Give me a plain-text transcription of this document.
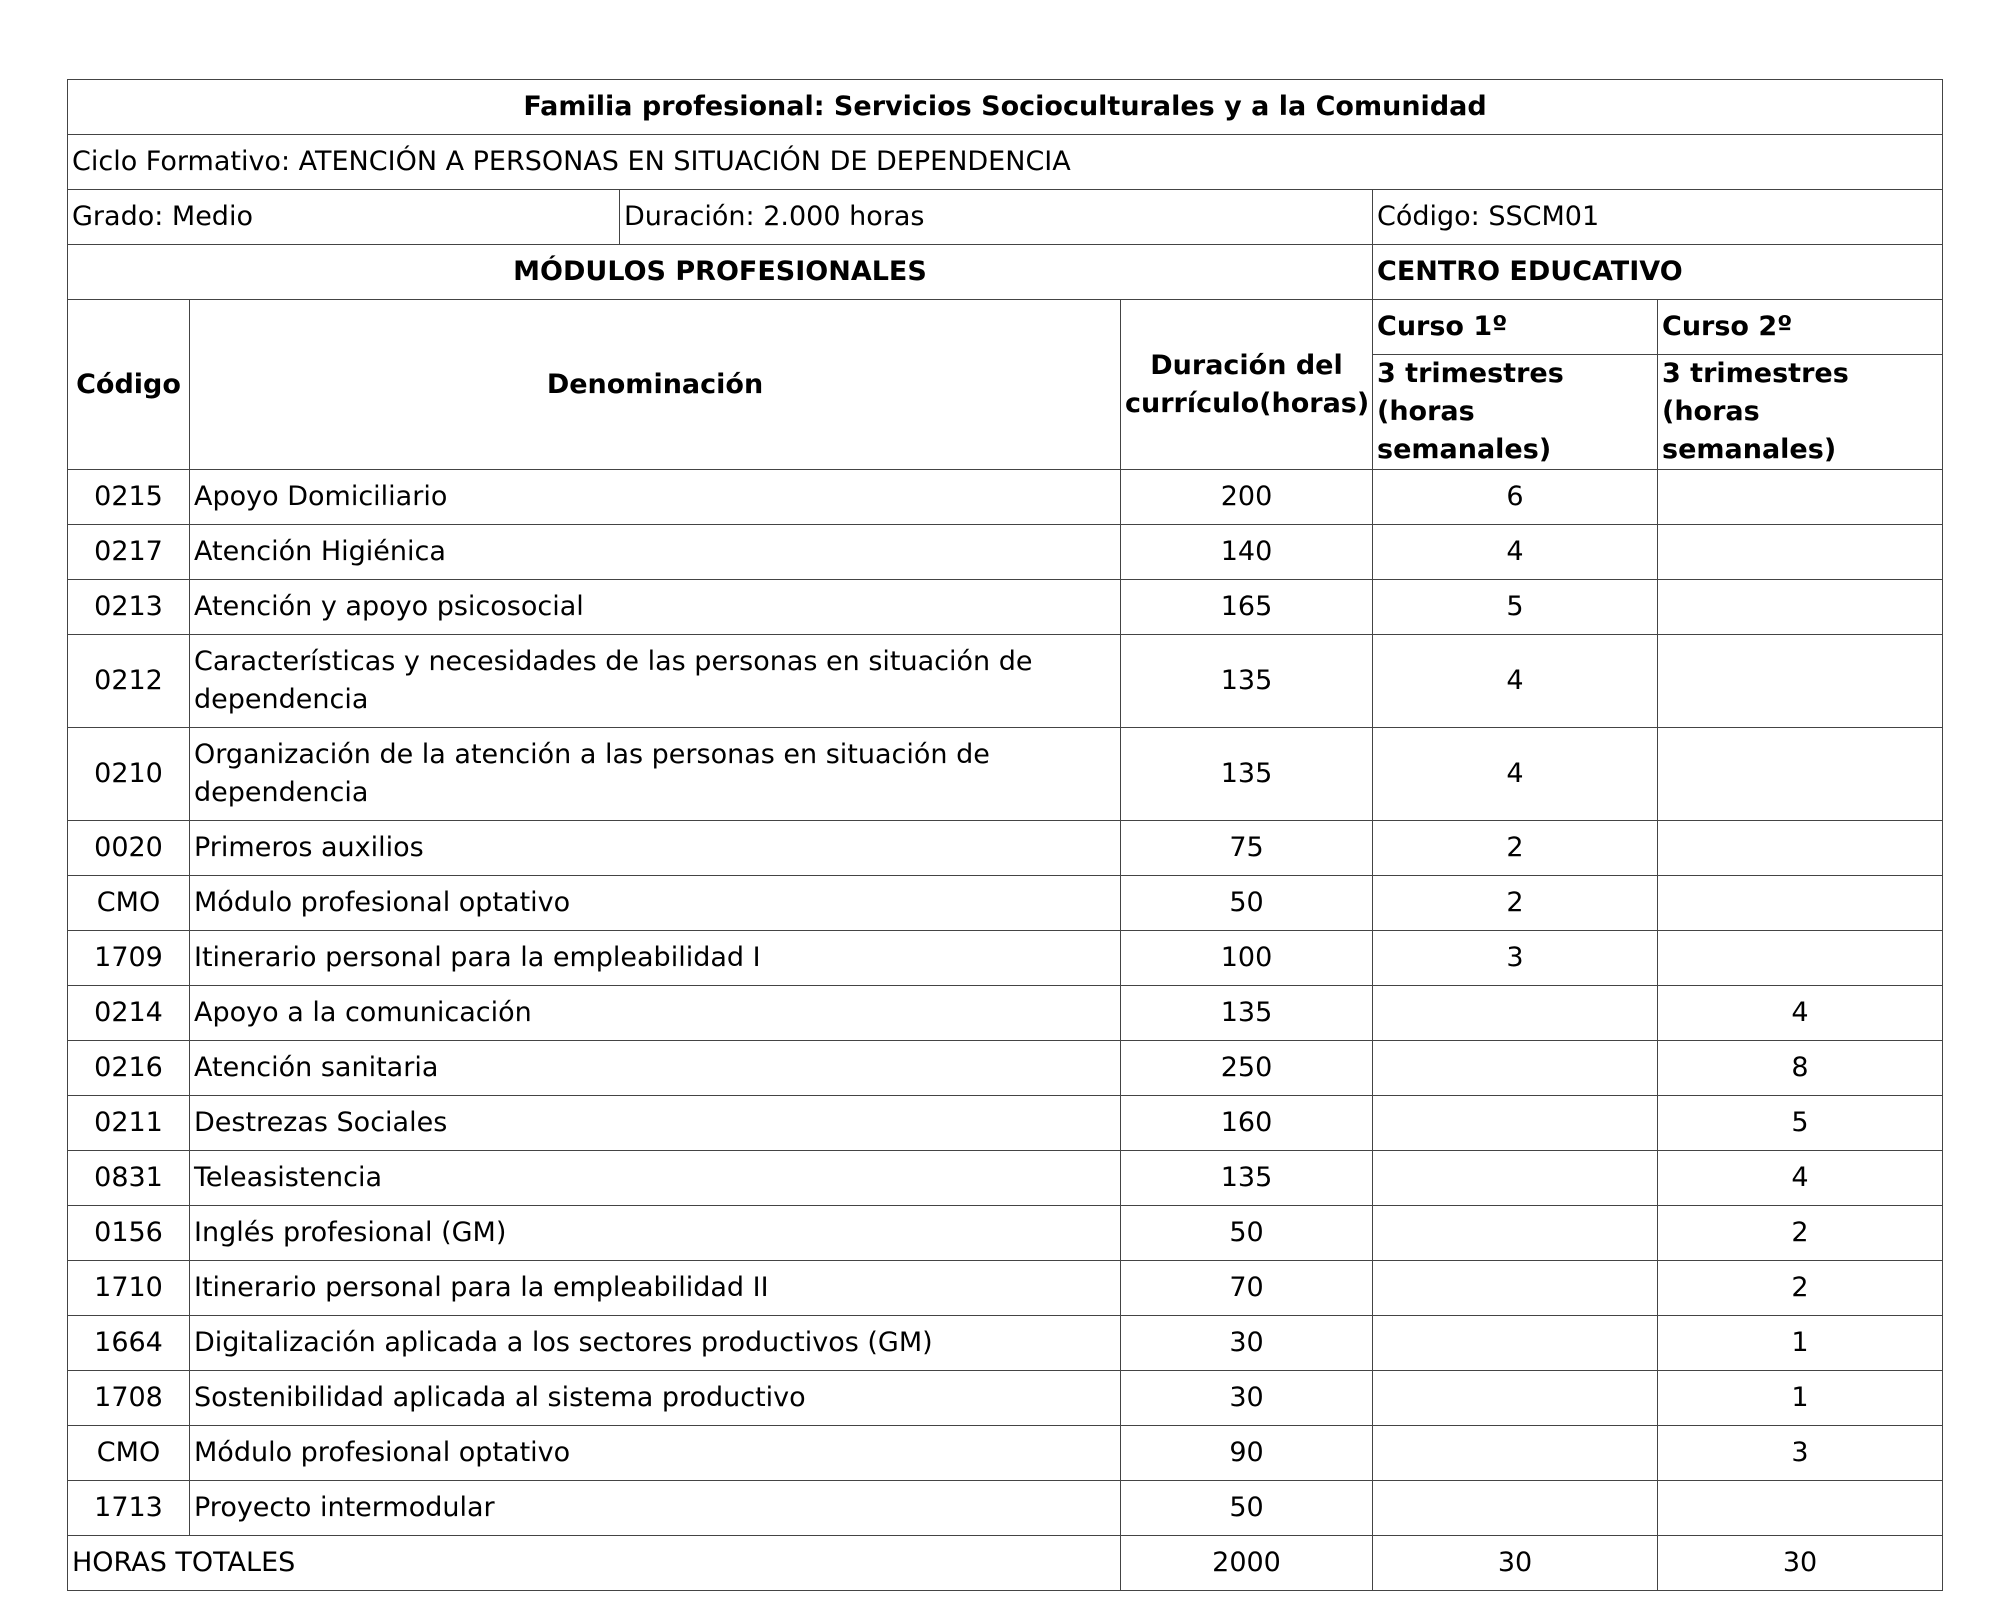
Familia profesional: Servicios Socioculturales y a la Comunidad					
Ciclo Formativo: ATENCIÓN A PERSONAS EN SITUACIÓN DE DEPENDENCIA					
Grado: Medio		Duración: 2.000 horas		Código: SSCM01	
MÓDULOS PROFESIONALES				CENTRO EDUCATIVO	
Código	Denominación		Duración del currículo(horas)	Curso 1º	Curso 2º
				3 trimestres (horas semanales)	3 trimestres (horas semanales)
0215	Apoyo Domiciliario		200	6	
0217	Atención Higiénica		140	4	
0213	Atención y apoyo psicosocial		165	5	
0212	Características y necesidades de las personas en situación de dependencia		135	4	
0210	Organización de la atención a las personas en situación de dependencia		135	4	
0020	Primeros auxilios		75	2	
CMO	Módulo profesional optativo		50	2	
1709	Itinerario personal para la empleabilidad I		100	3	
0214	Apoyo a la comunicación		135		4
0216	Atención sanitaria		250		8
0211	Destrezas Sociales		160		5
0831	Teleasistencia		135		4
0156	Inglés profesional (GM)		50		2
1710	Itinerario personal para la empleabilidad II		70		2
1664	Digitalización aplicada a los sectores productivos (GM)		30		1
1708	Sostenibilidad aplicada al sistema productivo		30		1
CMO	Módulo profesional optativo		90		3
1713	Proyecto intermodular		50		
HORAS TOTALES			2000	30	30
